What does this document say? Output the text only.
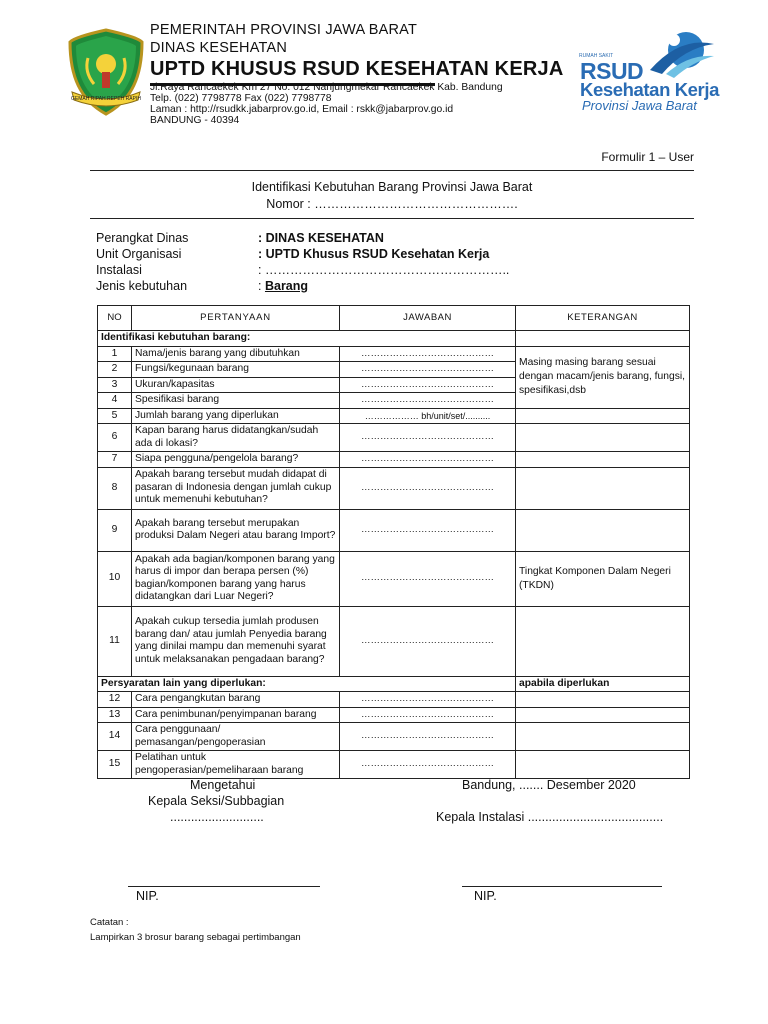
GEMAH RIPAH REPEH RAPIH
PEMERINTAH PROVINSI JAWA BARAT
DINAS KESEHATAN
UPTD KHUSUS RSUD KESEHATAN KERJA
Jl.Raya Rancaekek Km 27 No. 012 Nanjungmekar Rancaekek Kab. Bandung
Telp. (022) 7798778 Fax (022) 7798778
Laman : http://rsudkk.jabarprov.go.id, Email : rskk@jabarprov.go.id
BANDUNG - 40394
RUMAH SAKIT
RSUD
Kesehatan Kerja
Provinsi Jawa Barat
Formulir 1 – User
Identifikasi Kebutuhan Barang Provinsi Jawa Barat
Nomor : ………………………………………….
Perangkat Dinas	: DINAS KESEHATAN
Unit Organisasi	: UPTD Khusus RSUD Kesehatan Kerja
Instalasi	: …………………………………………………..
Jenis kebutuhan	: Barang
NO	PERTANYAAN	JAWABAN	KETERANGAN
Identifikasi kebutuhan barang:			
1	Nama/jenis barang yang dibutuhkan	……………………………………	Masing masing barang sesuai dengan macam/jenis barang, fungsi, spesifikasi,dsb
2	Fungsi/kegunaan barang	……………………………………	
3	Ukuran/kapasitas	……………………………………	
4	Spesifikasi barang	……………………………………	
5	Jumlah barang yang diperlukan	……………… bh/unit/set/..........	
6	Kapan barang harus didatangkan/sudah ada di lokasi?	……………………………………	
7	Siapa pengguna/pengelola barang?	……………………………………	
8	Apakah barang tersebut mudah didapat di pasaran di Indonesia dengan jumlah cukup untuk memenuhi kebutuhan?	……………………………………	
9	Apakah barang tersebut merupakan produksi Dalam Negeri atau barang Import?	……………………………………	
10	Apakah ada bagian/komponen barang yang harus di impor dan berapa persen (%) bagian/komponen barang yang harus didatangkan dari Luar Negeri?	……………………………………	Tingkat Komponen Dalam Negeri (TKDN)
11	Apakah cukup tersedia jumlah produsen barang dan/ atau jumlah Penyedia barang yang dinilai mampu dan memenuhi syarat untuk melaksanakan pengadaan barang?	……………………………………	
Persyaratan lain yang diperlukan:			apabila diperlukan
12	Cara pengangkutan barang	……………………………………	
13	Cara penimbunan/penyimpanan barang	……………………………………	
14	Cara penggunaan/ pemasangan/pengoperasian	……………………………………	
15	Pelatihan untuk pengoperasian/pemeliharaan barang	……………………………………	
Mengetahui
Kepala Seksi/Subbagian
...........................
Bandung, ....... Desember 2020
Kepala Instalasi .......................................
NIP.	NIP.
Catatan :
Lampirkan 3 brosur barang sebagai pertimbangan
